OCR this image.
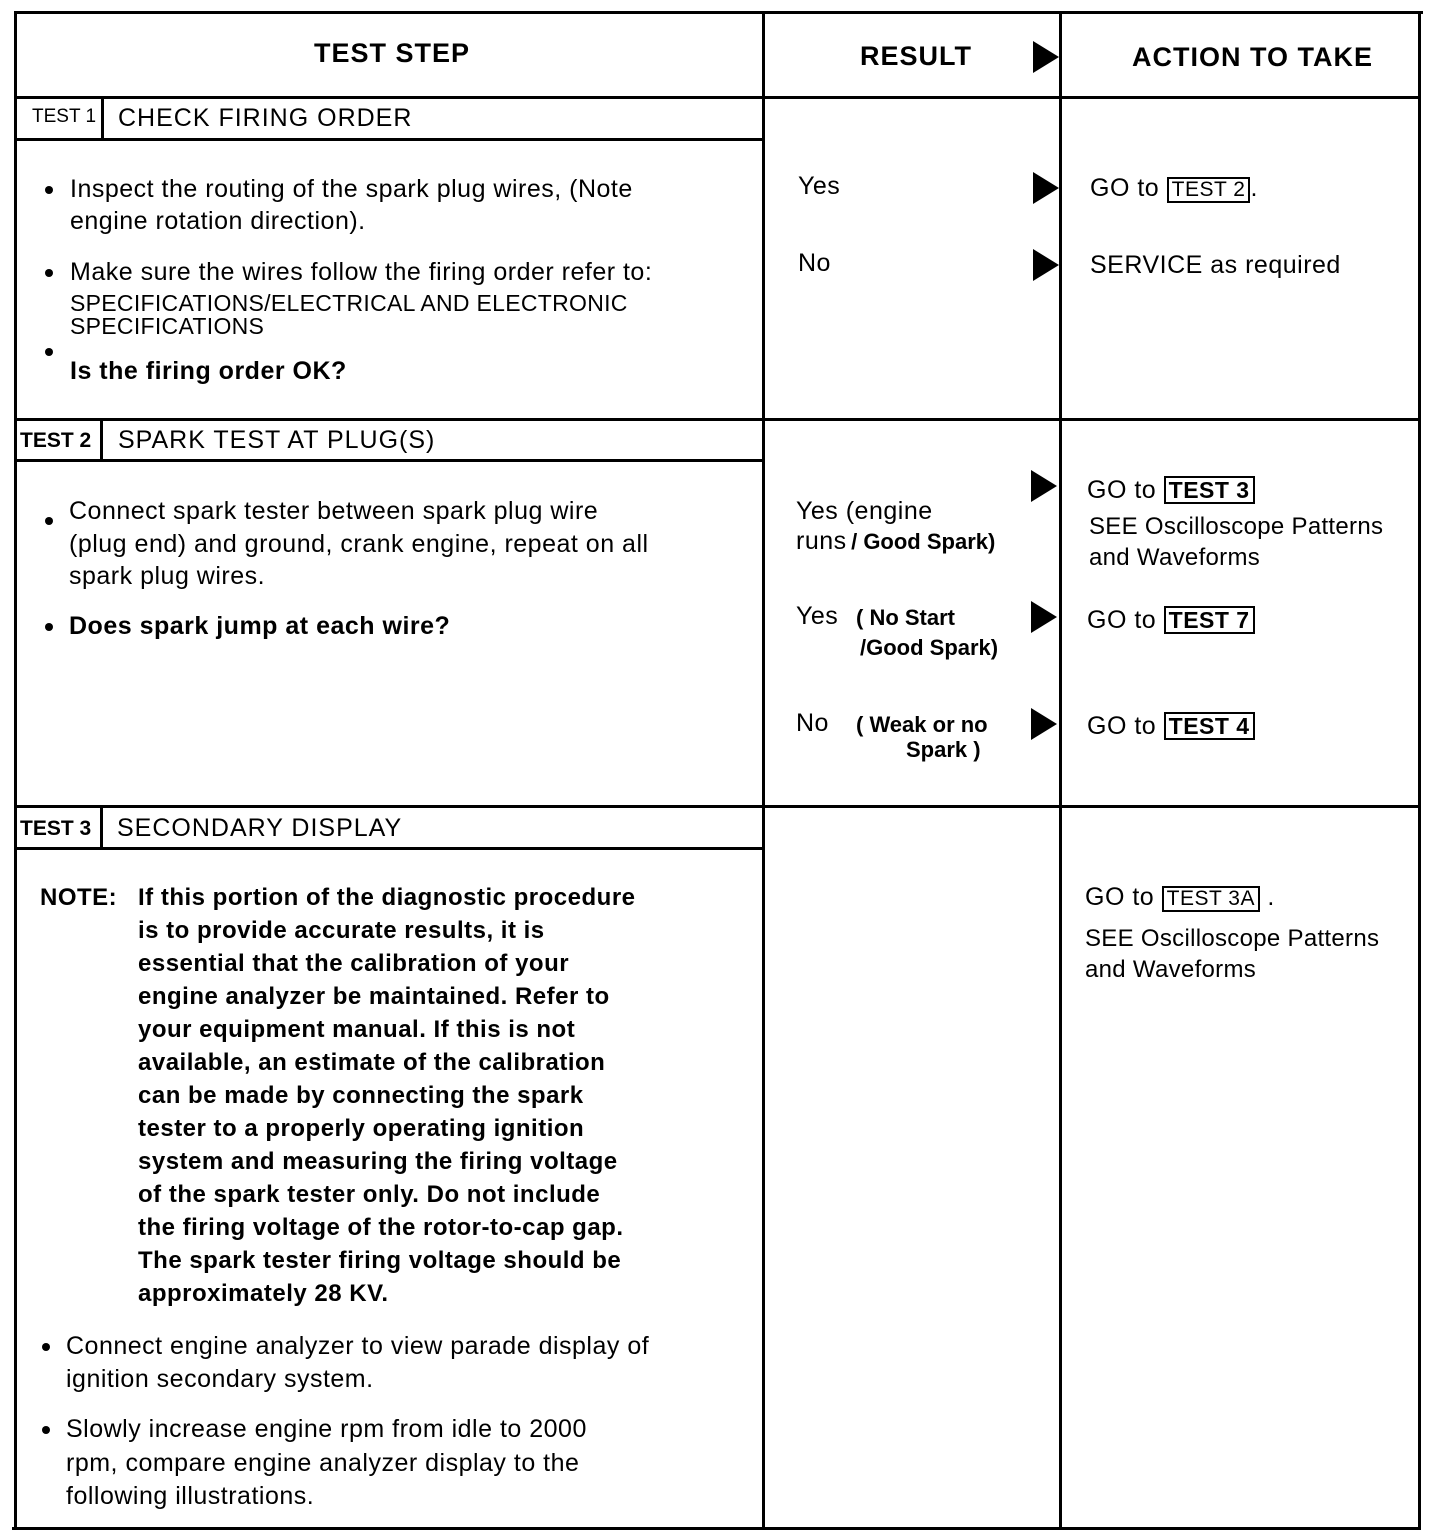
TEST STEP	RESULT	ACTION TO TAKE
TEST 1 CHECK FIRING ORDER
Inspect the routing of the spark plug wires, (Note
engine rotation direction).
Make sure the wires follow the firing order refer to:
SPECIFICATIONS/ELECTRICAL AND ELECTRONIC
SPECIFICATIONS
Is the firing order OK?
Yes
No
GO to TEST 2 .
SERVICE as required
TEST 2 SPARK TEST AT PLUG(S)
Connect spark tester between spark plug wire
(plug end) and ground, crank engine, repeat on all
spark plug wires.
Does spark jump at each wire?
Yes (engine
runs / Good Spark)
Yes ( No Start
/Good Spark)
No ( Weak or no
Spark )
GO to TEST 3
SEE Oscilloscope Patterns
and Waveforms
GO to TEST 7
GO to TEST 4
TEST 3 SECONDARY DISPLAY
NOTE: If this portion of the diagnostic procedure
is to provide accurate results, it is
essential that the calibration of your
engine analyzer be maintained. Refer to
your equipment manual. If this is not
available, an estimate of the calibration
can be made by connecting the spark
tester to a properly operating ignition
system and measuring the firing voltage
of the spark tester only. Do not include
the firing voltage of the rotor-to-cap gap.
The spark tester firing voltage should be
approximately 28 KV.
Connect engine analyzer to view parade display of
ignition secondary system.
Slowly increase engine rpm from idle to 2000
rpm, compare engine analyzer display to the
following illustrations.
GO to TEST 3A .
SEE Oscilloscope Patterns
and Waveforms
